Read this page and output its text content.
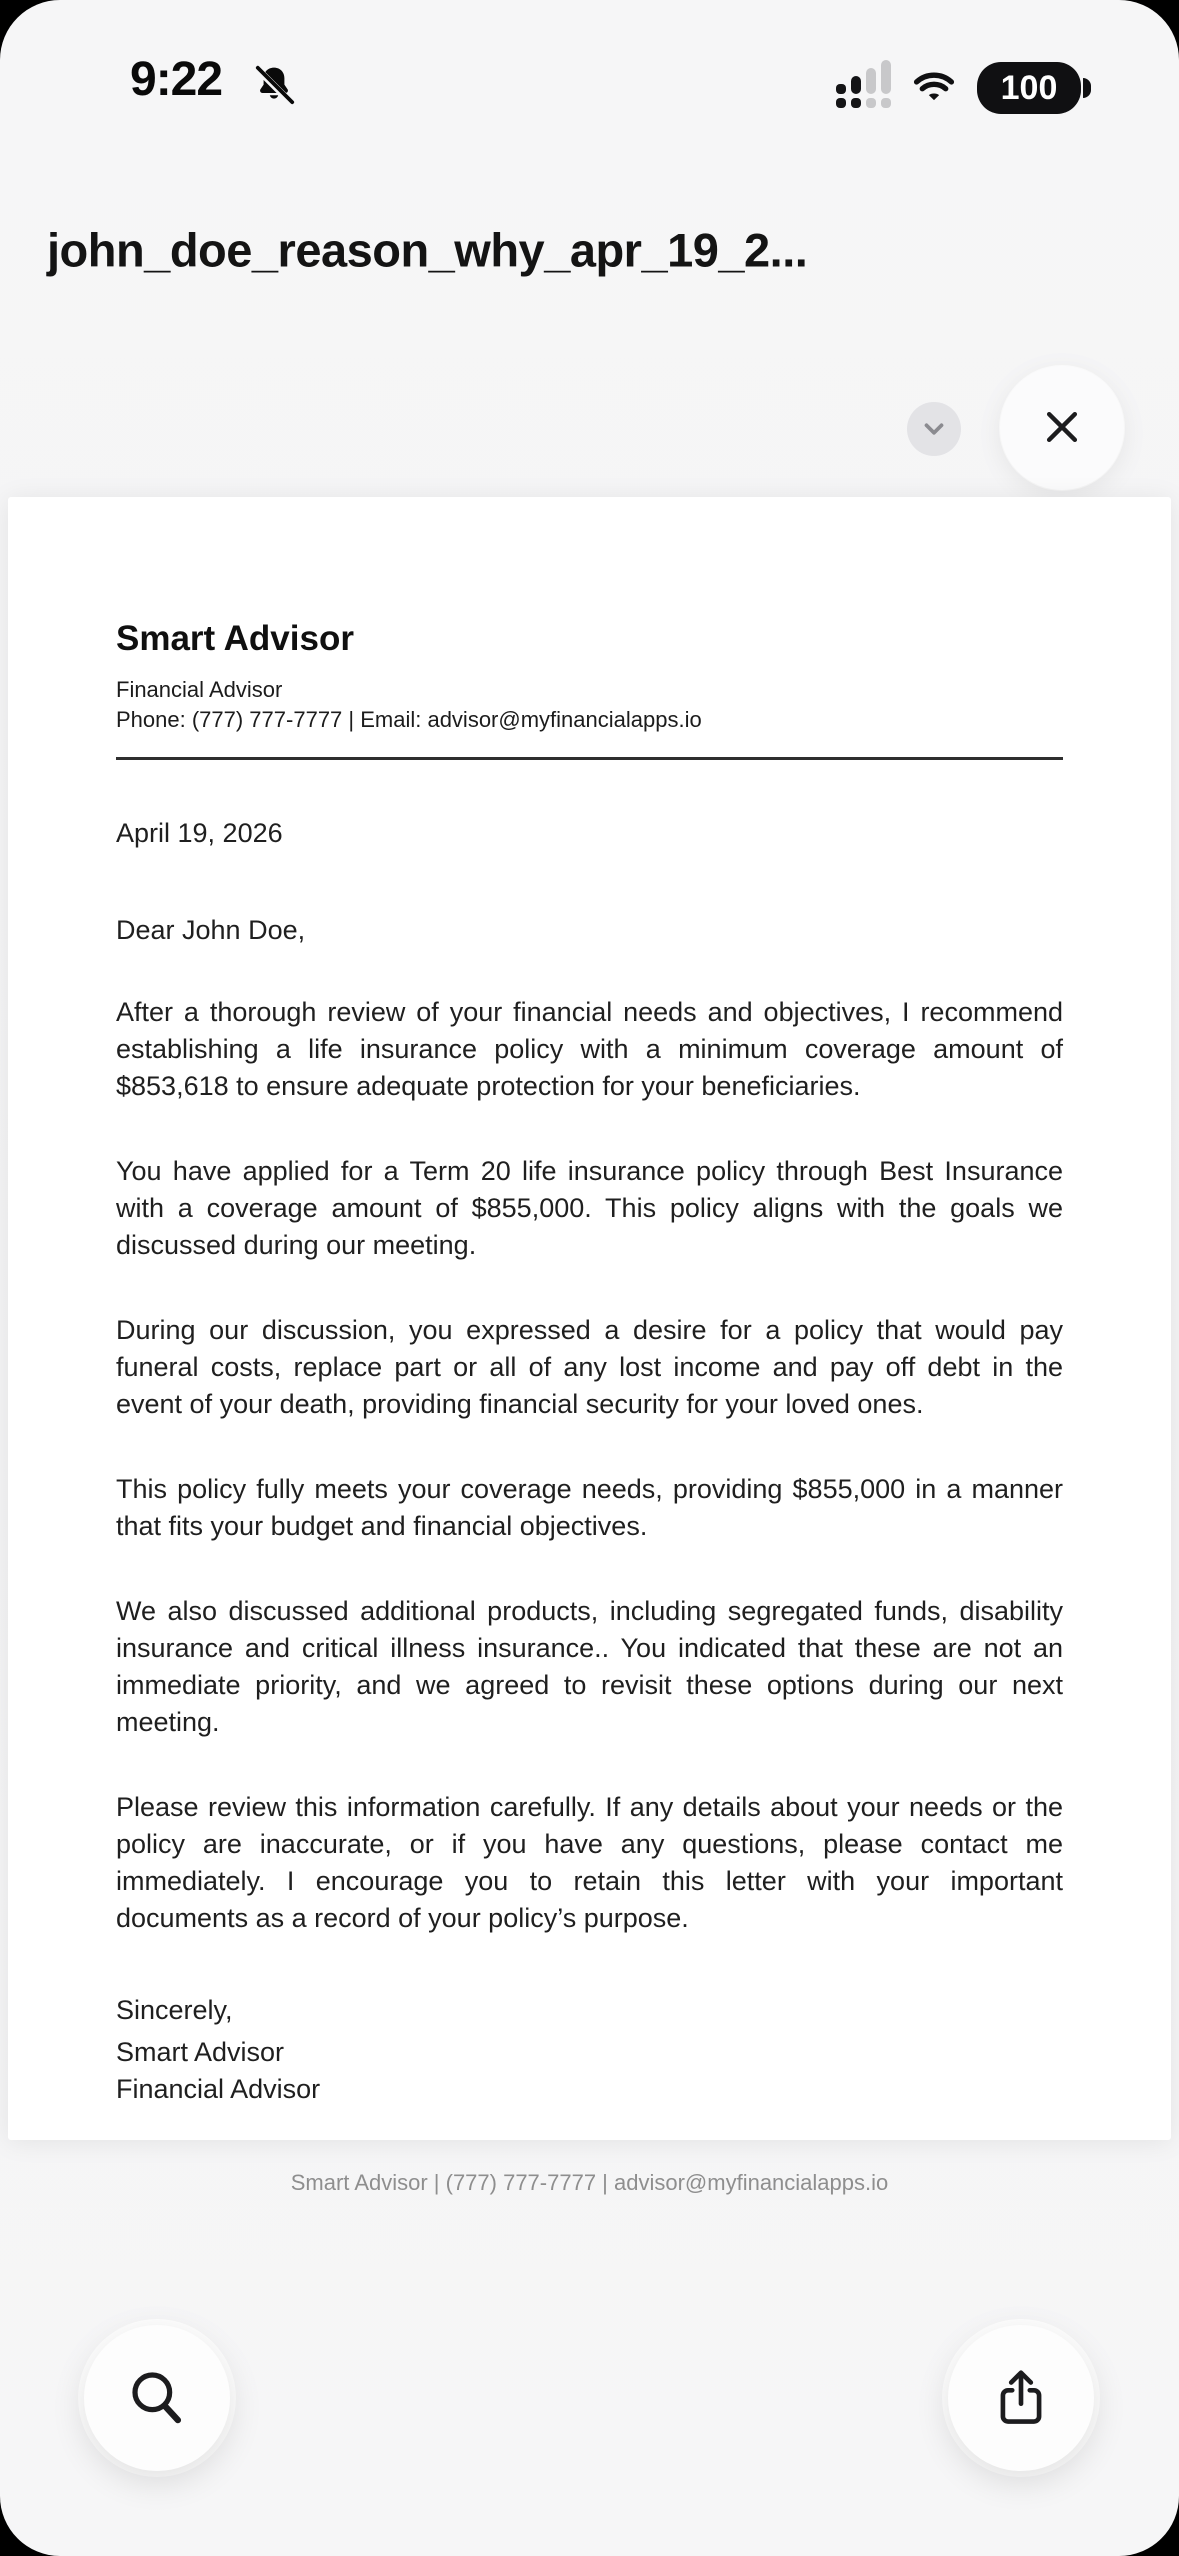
9:22	100
john_doe_reason_why_apr_19_2...
Smart Advisor

Financial Advisor

Phone: (777) 777-7777 | Email: advisor@myfinancialapps.io

April 19, 2026

Dear John Doe,

After a thorough review of your financial needs and objectives, I recommend establishing a life insurance policy with a minimum coverage amount of $853,618 to ensure adequate protection for your beneficiaries.

You have applied for a Term 20 life insurance policy through Best Insurance with a coverage amount of $855,000. This policy aligns with the goals we discussed during our meeting.

During our discussion, you expressed a desire for a policy that would pay funeral costs, replace part or all of any lost income and pay off debt in the event of your death, providing financial security for your loved ones.

This policy fully meets your coverage needs, providing $855,000 in a manner that fits your budget and financial objectives.

We also discussed additional products, including segregated funds, disability insurance and critical illness insurance.. You indicated that these are not an immediate priority, and we agreed to revisit these options during our next meeting.

Please review this information carefully. If any details about your needs or the policy are inaccurate, or if you have any questions, please contact me immediately. I encourage you to retain this letter with your important documents as a record of your policy’s purpose.

Sincerely,

Smart Advisor

Financial Advisor

Smart Advisor | (777) 777-7777 | advisor@myfinancialapps.io
